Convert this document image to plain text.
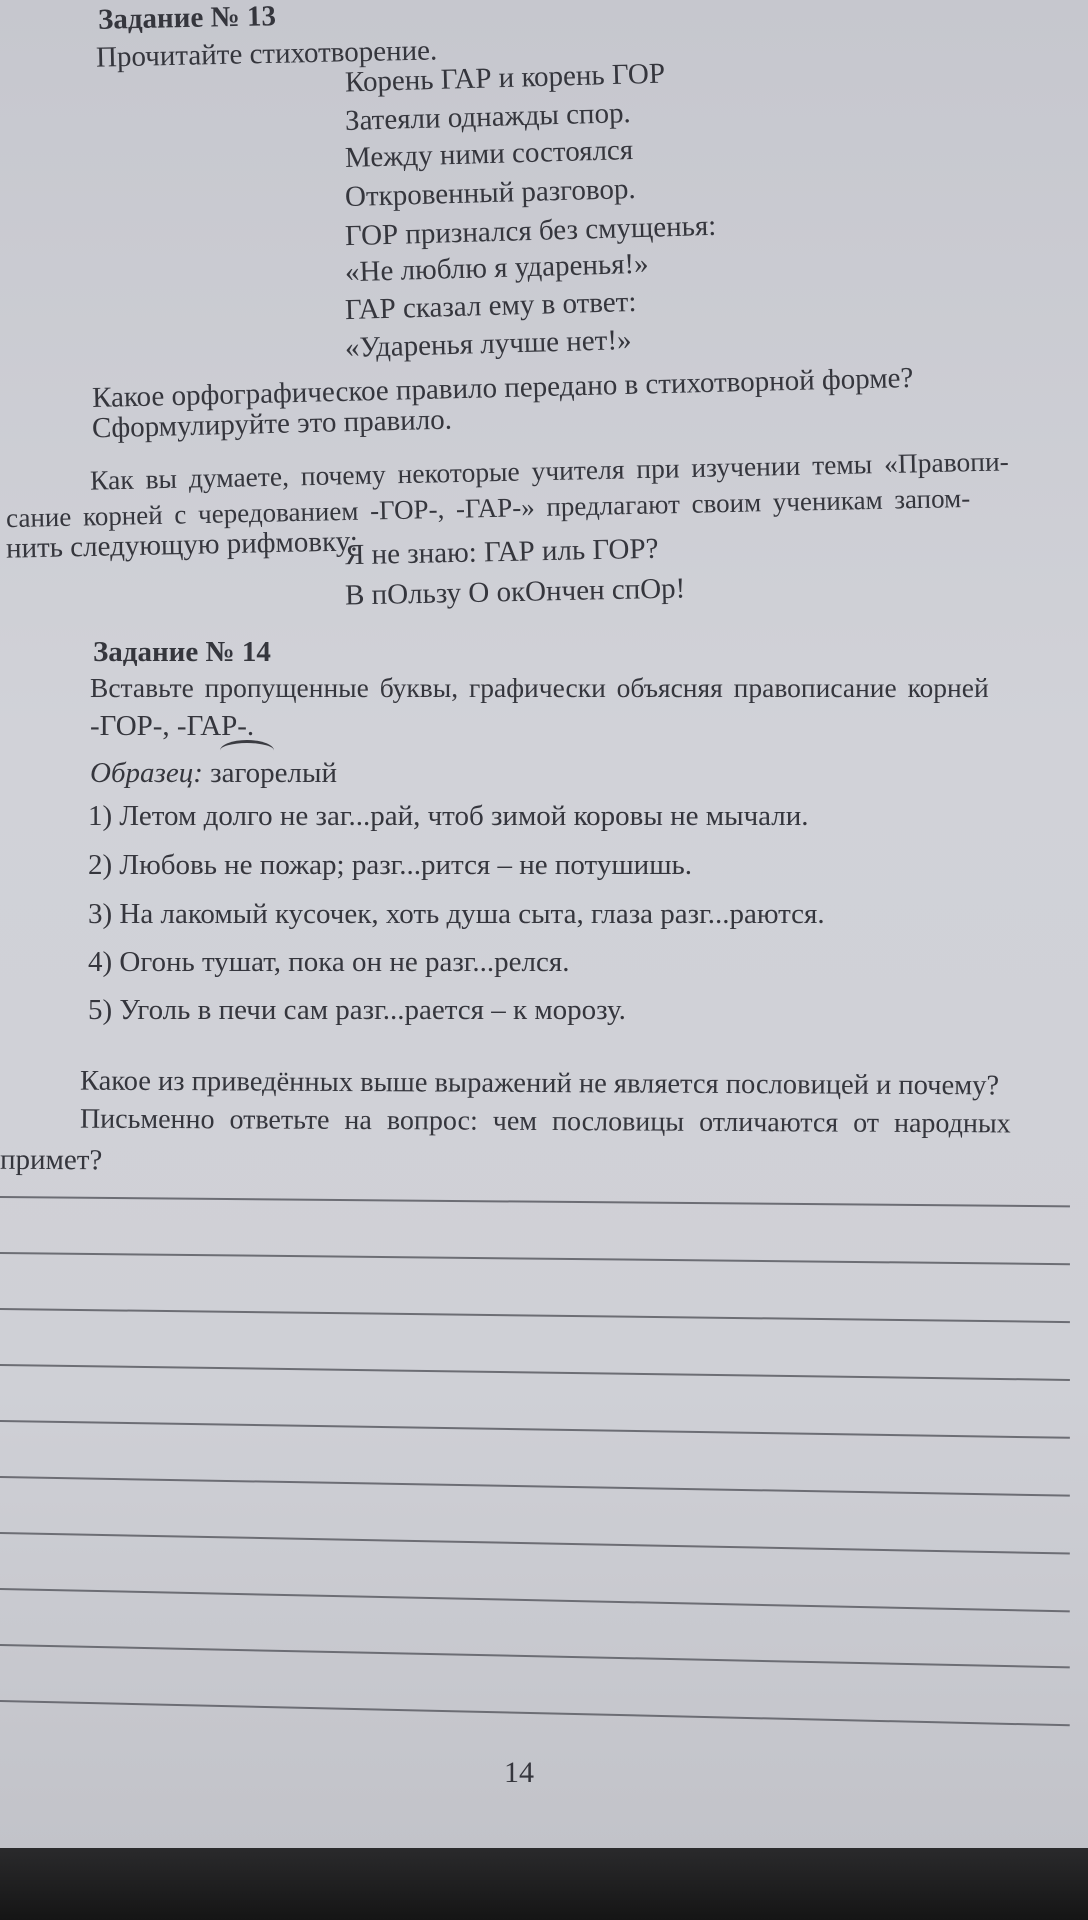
Задание № 13
Прочитайте стихотворение.
Корень ГАР и корень ГОР
Затеяли однажды спор.
Между ними состоялся
Откровенный разговор.
ГОР признался без смущенья:
«Не люблю я ударенья!»
ГАР сказал ему в ответ:
«Ударенья лучше нет!»
Какое орфографическое правило передано в стихотворной форме?
Сформулируйте это правило.
Как вы думаете, почему некоторые учителя при изучении темы «Правопи-
сание корней с чередованием -ГОР-, -ГАР-» предлагают своим ученикам запом-
нить следующую рифмовку:
Я не знаю: ГАР иль ГОР?
В пОльзу О окОнчен спОр!
Задание № 14
Вставьте пропущенные буквы, графически объясняя правописание корней
-ГОР-, -ГАР-.
Образец: загорелый
1) Летом долго не заг...рай, чтоб зимой коровы не мычали.
2) Любовь не пожар; разг...рится – не потушишь.
3) На лакомый кусочек, хоть душа сыта, глаза разг...раются.
4) Огонь тушат, пока он не разг...релся.
5) Уголь в печи сам разг...рается – к морозу.
Какое из приведённых выше выражений не является пословицей и почему?
Письменно ответьте на вопрос: чем пословицы отличаются от народных
примет?
14
